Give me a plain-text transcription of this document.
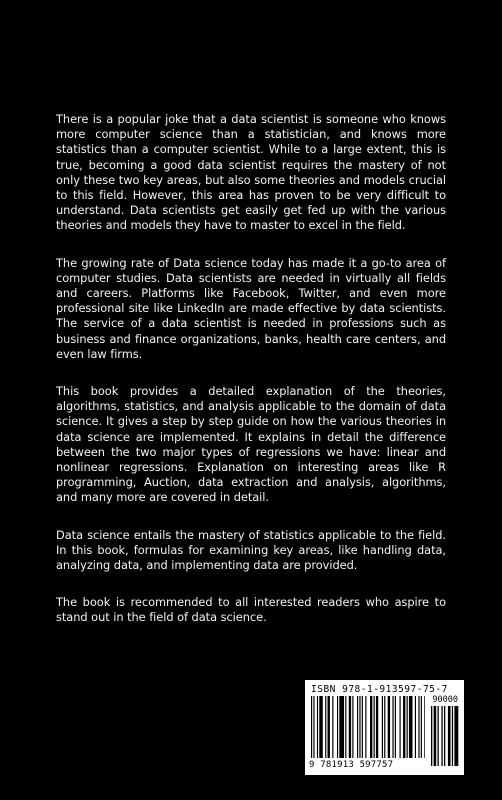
There is a popular joke that a data scientist is someone who knows more computer science than a statistician, and knows more statistics than a computer scientist. While to a large extent, this is true, becoming a good data scientist requires the mastery of not only these two key areas, but also some theories and models crucial to this field. However, this area has proven to be very difficult to understand. Data scientists get easily get fed up with the various theories and models they have to master to excel in the field.

The growing rate of Data science today has made it a go-to area of computer studies. Data scientists are needed in virtually all fields and careers. Platforms like Facebook, Twitter, and even more professional site like LinkedIn are made effective by data scientists. The service of a data scientist is needed in professions such as business and finance organizations, banks, health care centers, and even law firms.

This book provides a detailed explanation of the theories, algorithms, statistics, and analysis applicable to the domain of data science. It gives a step by step guide on how the various theories in data science are implemented. It explains in detail the difference between the two major types of regressions we have: linear and nonlinear regressions. Explanation on interesting areas like R programming, Auction, data extraction and analysis, algorithms, and many more are covered in detail.

Data science entails the mastery of statistics applicable to the field. In this book, formulas for examining key areas, like handling data, analyzing data, and implementing data are provided.

The book is recommended to all interested readers who aspire to stand out in the field of data science.

ISBN 978-1-913597-75-7
90000
9 781913 597757
